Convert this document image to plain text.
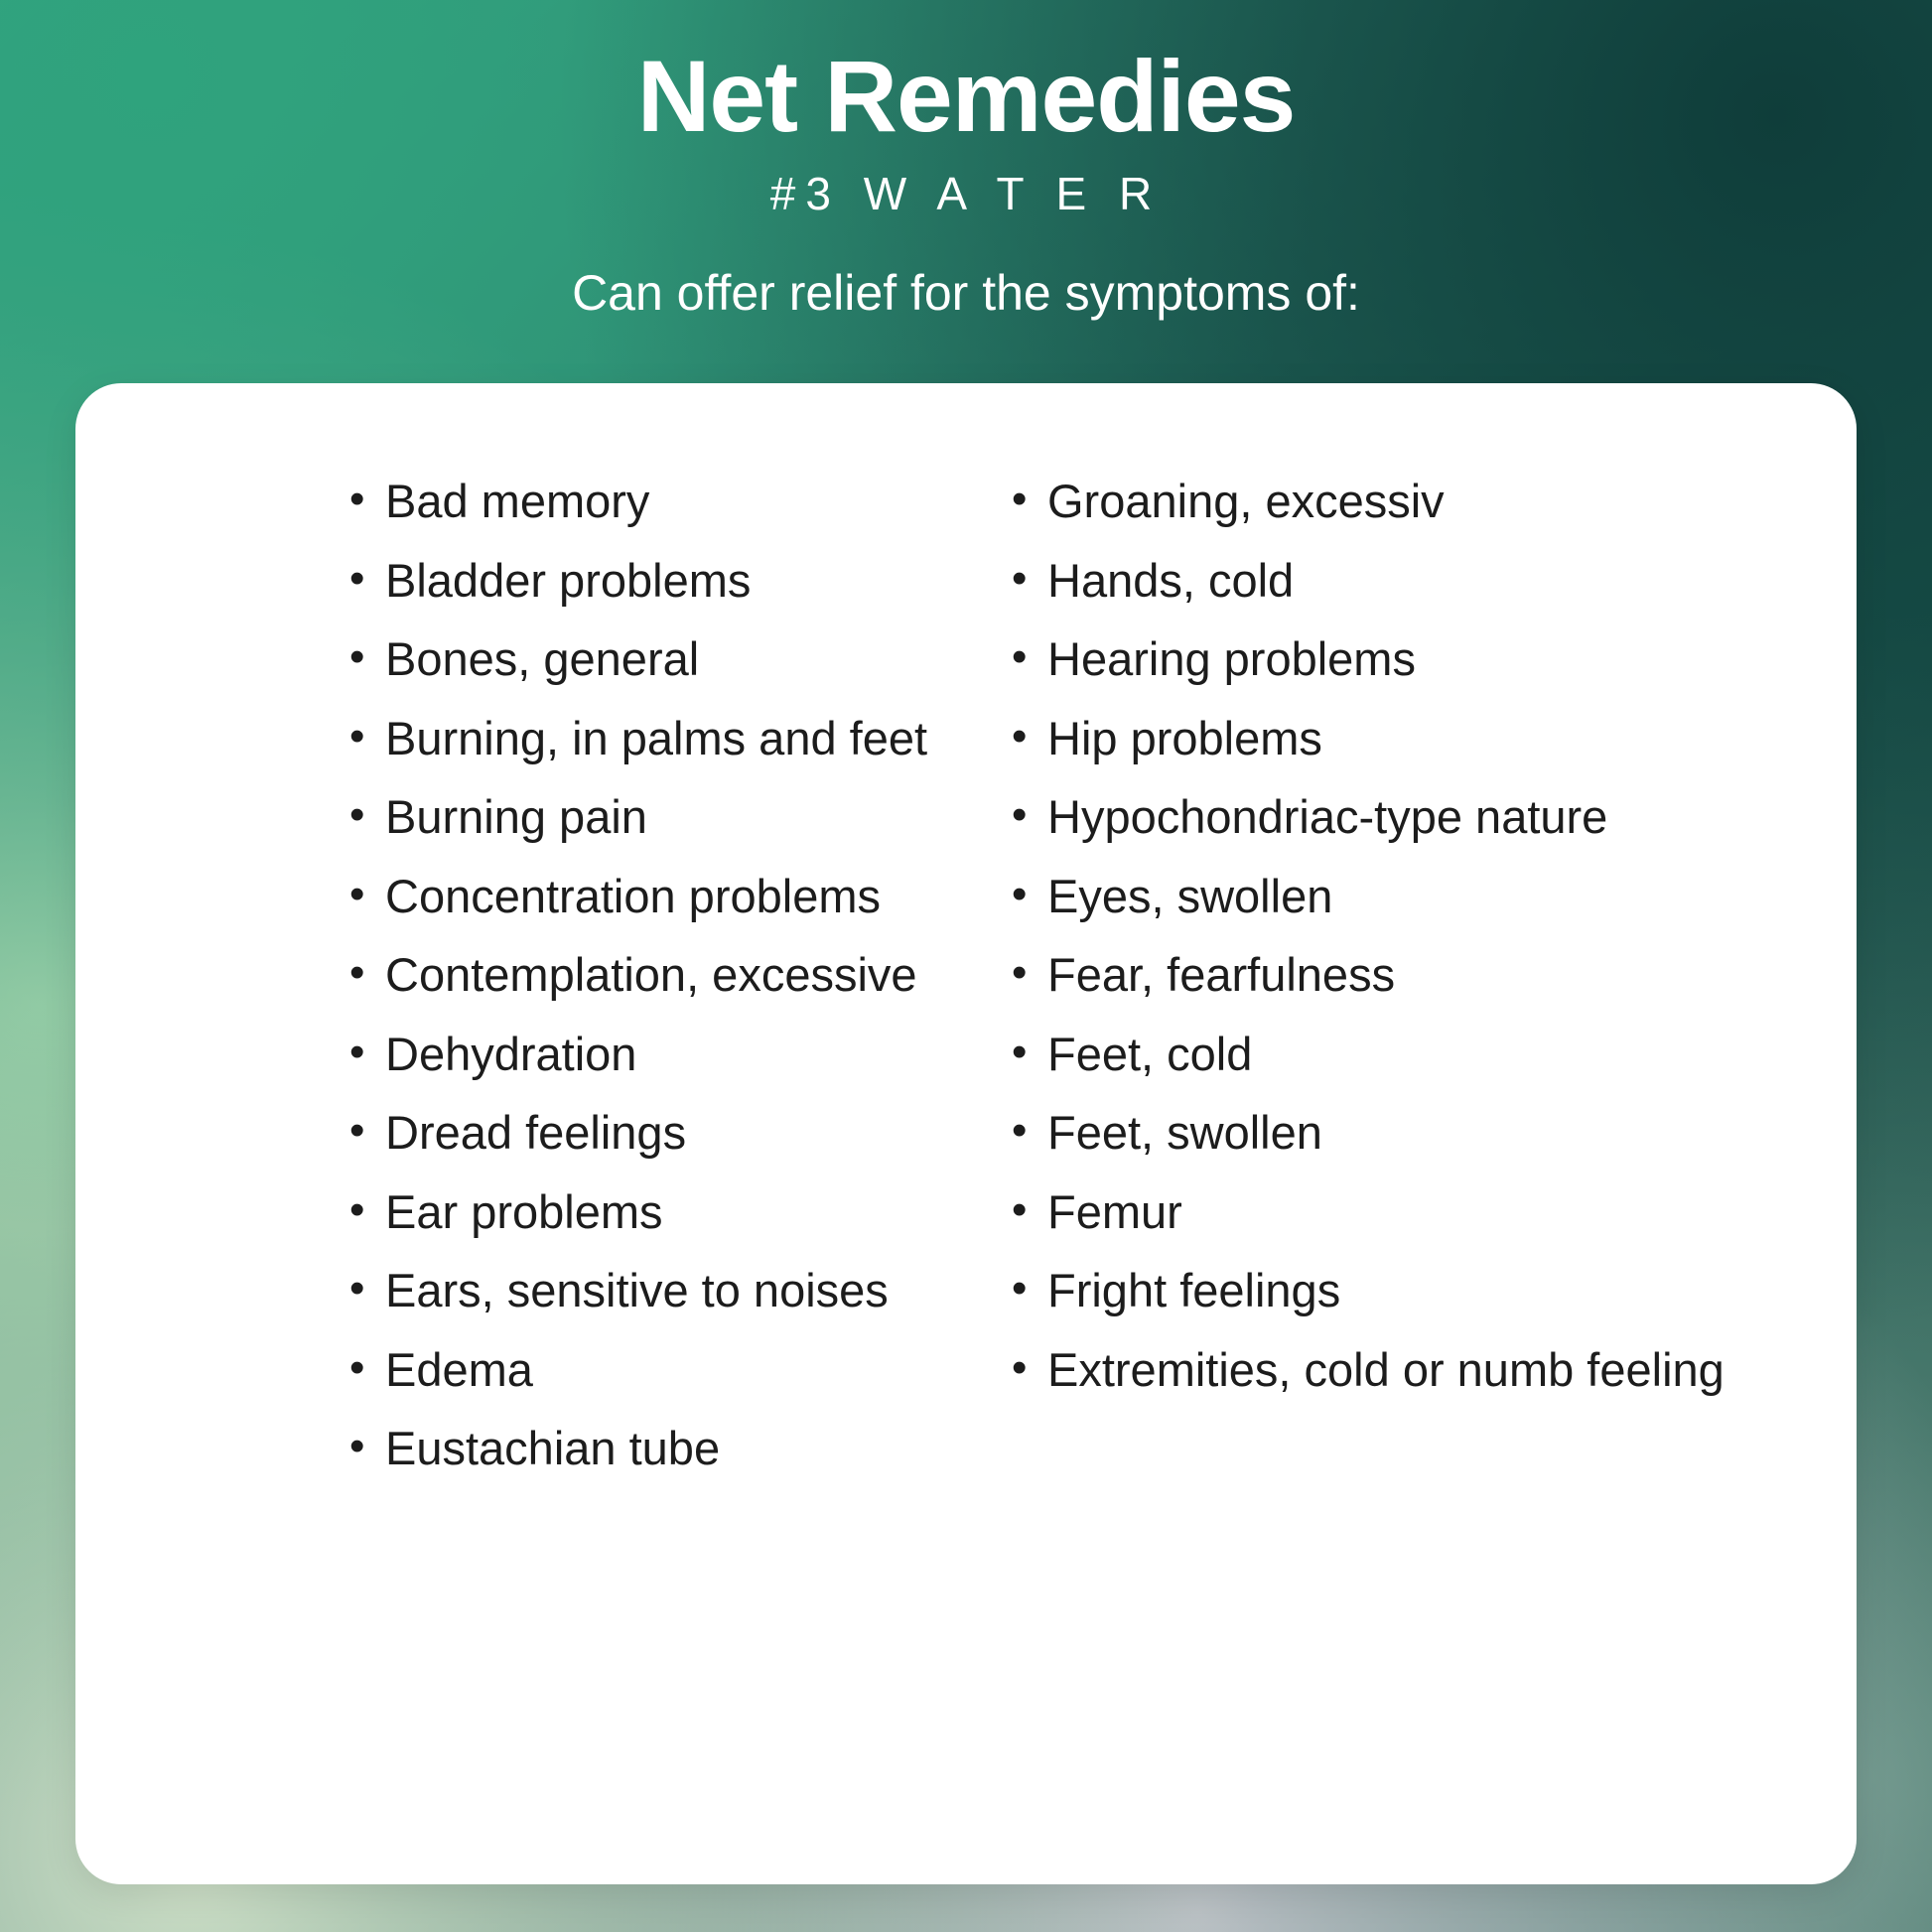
Net Remedies
#3 W A T E R
Can offer relief for the symptoms of:
• Bad memory
• Bladder problems
• Bones, general
• Burning, in palms and feet
• Burning pain
• Concentration problems
• Contemplation, excessive
• Dehydration
• Dread feelings
• Ear problems
• Ears, sensitive to noises
• Edema
• Eustachian tube
• Groaning, excessiv
• Hands, cold
• Hearing problems
• Hip problems
• Hypochondriac-type nature
• Eyes, swollen
• Fear, fearfulness
• Feet, cold
• Feet, swollen
• Femur
• Fright feelings
• Extremities, cold or numb feeling
